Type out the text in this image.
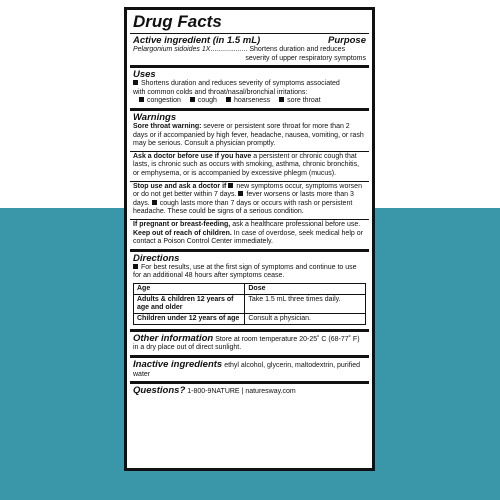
Drug Facts
Active ingredient (in 1.5 mL)	Purpose
Pelargonium sidoides 1X................... Shortens duration and reduces
severity of upper respiratory symptoms
Uses
Shortens duration and reduces severity of symptoms associated
with common colds and throat/nasal/bronchial irritations:
congestion	cough	hoarseness	sore throat
Warnings
Sore throat warning: severe or persistent sore throat for more than 2 days or if accompanied by high fever, headache, nausea, vomiting, or rash may be serious. Consult a physician promptly.
Ask a doctor before use if you have a persistent or chronic cough that lasts, is chronic such as occurs with smoking, asthma, chronic bronchitis, or emphysema, or is accompanied by excessive phlegm (mucus).
Stop use and ask a doctor if new symptoms occur, symptoms worsen or do not get better within 7 days. fever worsens or lasts more than 3 days. cough lasts more than 7 days or occurs with rash or persistent headache. These could be signs of a serious condition.
If pregnant or breast-feeding, ask a healthcare professional before use. Keep out of reach of children. In case of overdose, seek medical help or contact a Poison Control Center immediately.
Directions
For best results, use at the first sign of symptoms and continue to use for an additional 48 hours after symptoms cease.
Age	Dose
Adults & children 12 years of age and older	Take 1.5 mL three times daily.
Children under 12 years of age	Consult a physician.
Other information Store at room temperature 20-25˚ C (68-77˚ F) in a dry place out of direct sunlight.
Inactive ingredients ethyl alcohol, glycerin, maltodextrin, purified water
Questions? 1-800-9NATURE | naturesway.com
